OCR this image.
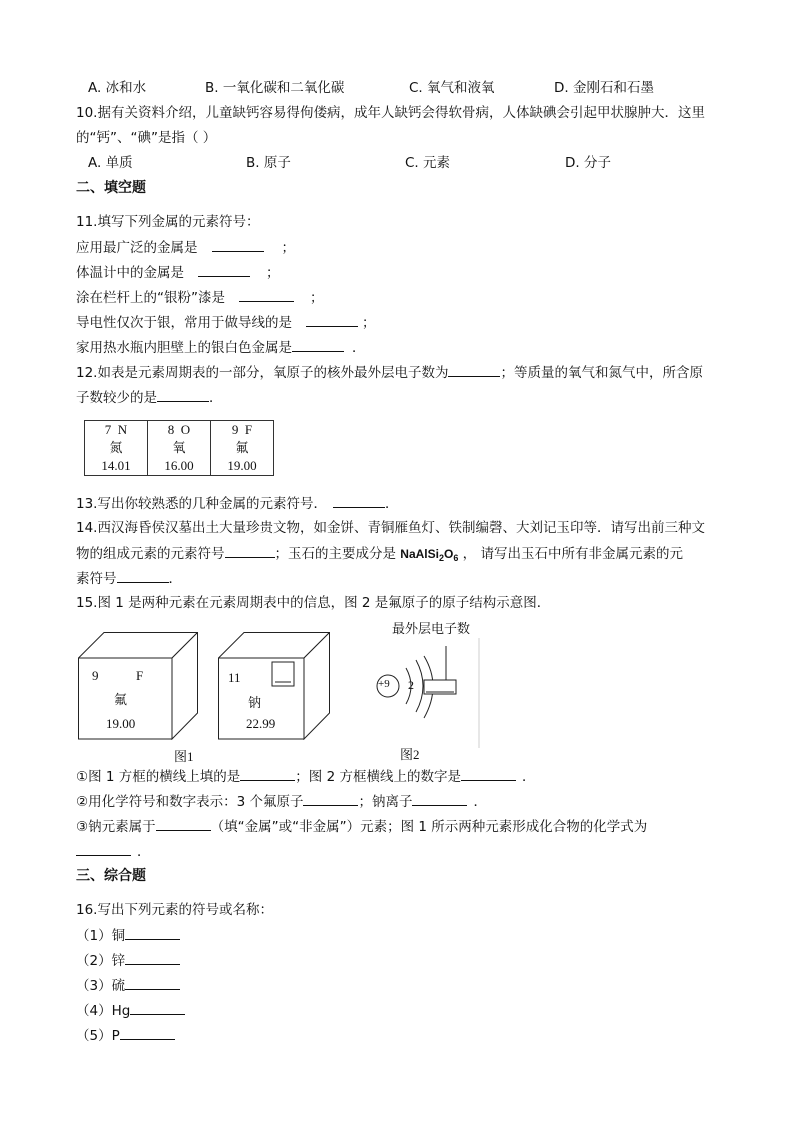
A. 冰和水	B. 一氧化碳和二氧化碳	C. 氧气和液氧	D. 金刚石和石墨
10.据有关资料介绍，儿童缺钙容易得佝偻病，成年人缺钙会得软骨病，人体缺碘会引起甲状腺肿大．这里
的“钙”、“碘”是指（ ）
A. 单质	B. 原子	C. 元素	D. 分子
二、填空题
11.填写下列金属的元素符号：
应用最广泛的金属是	；
体温计中的金属是	；
涂在栏杆上的“银粉”漆是	；
导电性仅次于银，常用于做导线的是	；
家用热水瓶内胆壁上的银白色金属是	．
12.如表是元素周期表的一部分，氧原子的核外最外层电子数为	；等质量的氧气和氮气中，所含原
子数较少的是	．
7 N
氮
14.01

8 O
氧
16.00

9 F
氟
19.00
13.写出你较熟悉的几种金属的元素符号．	．
14.西汉海昏侯汉墓出土大量珍贵文物，如金饼、青铜雁鱼灯、铁制编磬、大刘记玉印等．请写出前三种文
物的组成元素的元素符号	；玉石的主要成分是 $NaAlSi_2O_6$ ， 请写出玉石中所有非金属元素的元
素符号	．
15.图 1 是两种元素在元素周期表中的信息，图 2 是氟原子的原子结构示意图．
9	F
氟
19.00
11
钠
22.99
图1
最外层电子数
+9 2
图2
①图 1 方框的横线上填的是	；图 2 方框横线上的数字是	．
②用化学符号和数字表示：3 个氟原子	；钠离子	．
③钠元素属于	（填“金属”或“非金属”）元素；图 1 所示两种元素形成化合物的化学式为
．
三、综合题
16.写出下列元素的符号或名称：
（1）铜
（2）锌
（3）硫
（4）Hg
（5）P
